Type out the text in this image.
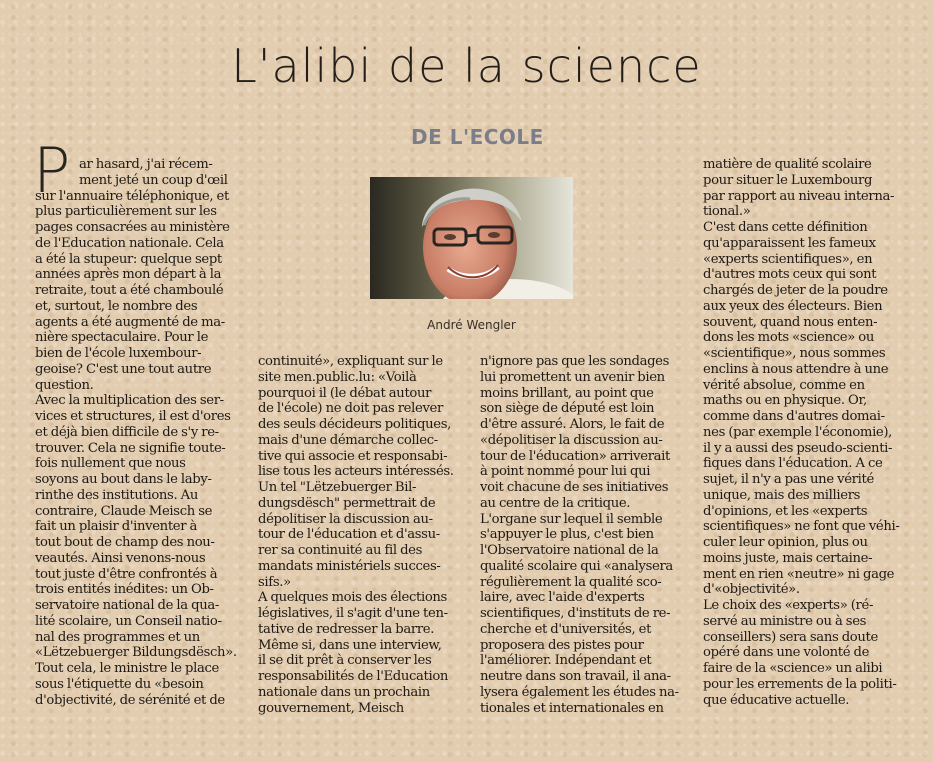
L'alibi de la science
DE L'ECOLE
P

André Wengler

ar hasard, j'ai récem-

ment jeté un coup d'œil

sur l'annuaire téléphonique, et

plus particulièrement sur les

pages consacrées au ministère

de l'Education nationale. Cela

a été la stupeur: quelque sept

années après mon départ à la

retraite, tout a été chamboulé

et, surtout, le nombre des

agents a été augmenté de ma-

nière spectaculaire. Pour le

bien de l'école luxembour-

geoise? C'est une tout autre

question.

Avec la multiplication des ser-

vices et structures, il est d'ores

et déjà bien difficile de s'y re-

trouver. Cela ne signifie toute-

fois nullement que nous

soyons au bout dans le laby-

rinthe des institutions. Au

contraire, Claude Meisch se

fait un plaisir d'inventer à

tout bout de champ des nou-

veautés. Ainsi venons-nous

tout juste d'être confrontés à

trois entités inédites: un Ob-

servatoire national de la qua-

lité scolaire, un Conseil natio-

nal des programmes et un

«Lëtzebuerger Bildungsdësch».

Tout cela, le ministre le place

sous l'étiquette du «besoin

d'objectivité, de sérénité et de

continuité», expliquant sur le

site men.public.lu: «Voilà

pourquoi il (le débat autour

de l'école) ne doit pas relever

des seuls décideurs politiques,

mais d'une démarche collec-

tive qui associe et responsabi-

lise tous les acteurs intéressés.

Un tel "Lëtzebuerger Bil-

dungsdësch" permettrait de

dépolitiser la discussion au-

tour de l'éducation et d'assu-

rer sa continuité au fil des

mandats ministériels succes-

sifs.»

A quelques mois des élections

législatives, il s'agit d'une ten-

tative de redresser la barre.

Même si, dans une interview,

il se dit prêt à conserver les

responsabilités de l'Education

nationale dans un prochain

gouvernement, Meisch

n'ignore pas que les sondages

lui promettent un avenir bien

moins brillant, au point que

son siège de député est loin

d'être assuré. Alors, le fait de

«dépolitiser la discussion au-

tour de l'éducation» arriverait

à point nommé pour lui qui

voit chacune de ses initiatives

au centre de la critique.

L'organe sur lequel il semble

s'appuyer le plus, c'est bien

l'Observatoire national de la

qualité scolaire qui «analysera

régulièrement la qualité sco-

laire, avec l'aide d'experts

scientifiques, d'instituts de re-

cherche et d'universités, et

proposera des pistes pour

l'améliorer. Indépendant et

neutre dans son travail, il ana-

lysera également les études na-

tionales et internationales en

matière de qualité scolaire

pour situer le Luxembourg

par rapport au niveau interna-

tional.»

C'est dans cette définition

qu'apparaissent les fameux

«experts scientifiques», en

d'autres mots ceux qui sont

chargés de jeter de la poudre

aux yeux des électeurs. Bien

souvent, quand nous enten-

dons les mots «science» ou

«scientifique», nous sommes

enclins à nous attendre à une

vérité absolue, comme en

maths ou en physique. Or,

comme dans d'autres domai-

nes (par exemple l'économie),

il y a aussi des pseudo-scienti-

fiques dans l'éducation. A ce

sujet, il n'y a pas une vérité

unique, mais des milliers

d'opinions, et les «experts

scientifiques» ne font que véhi-

culer leur opinion, plus ou

moins juste, mais certaine-

ment en rien «neutre» ni gage

d'«objectivité».

Le choix des «experts» (ré-

servé au ministre ou à ses

conseillers) sera sans doute

opéré dans une volonté de

faire de la «science» un alibi

pour les errements de la politi-

que éducative actuelle.
